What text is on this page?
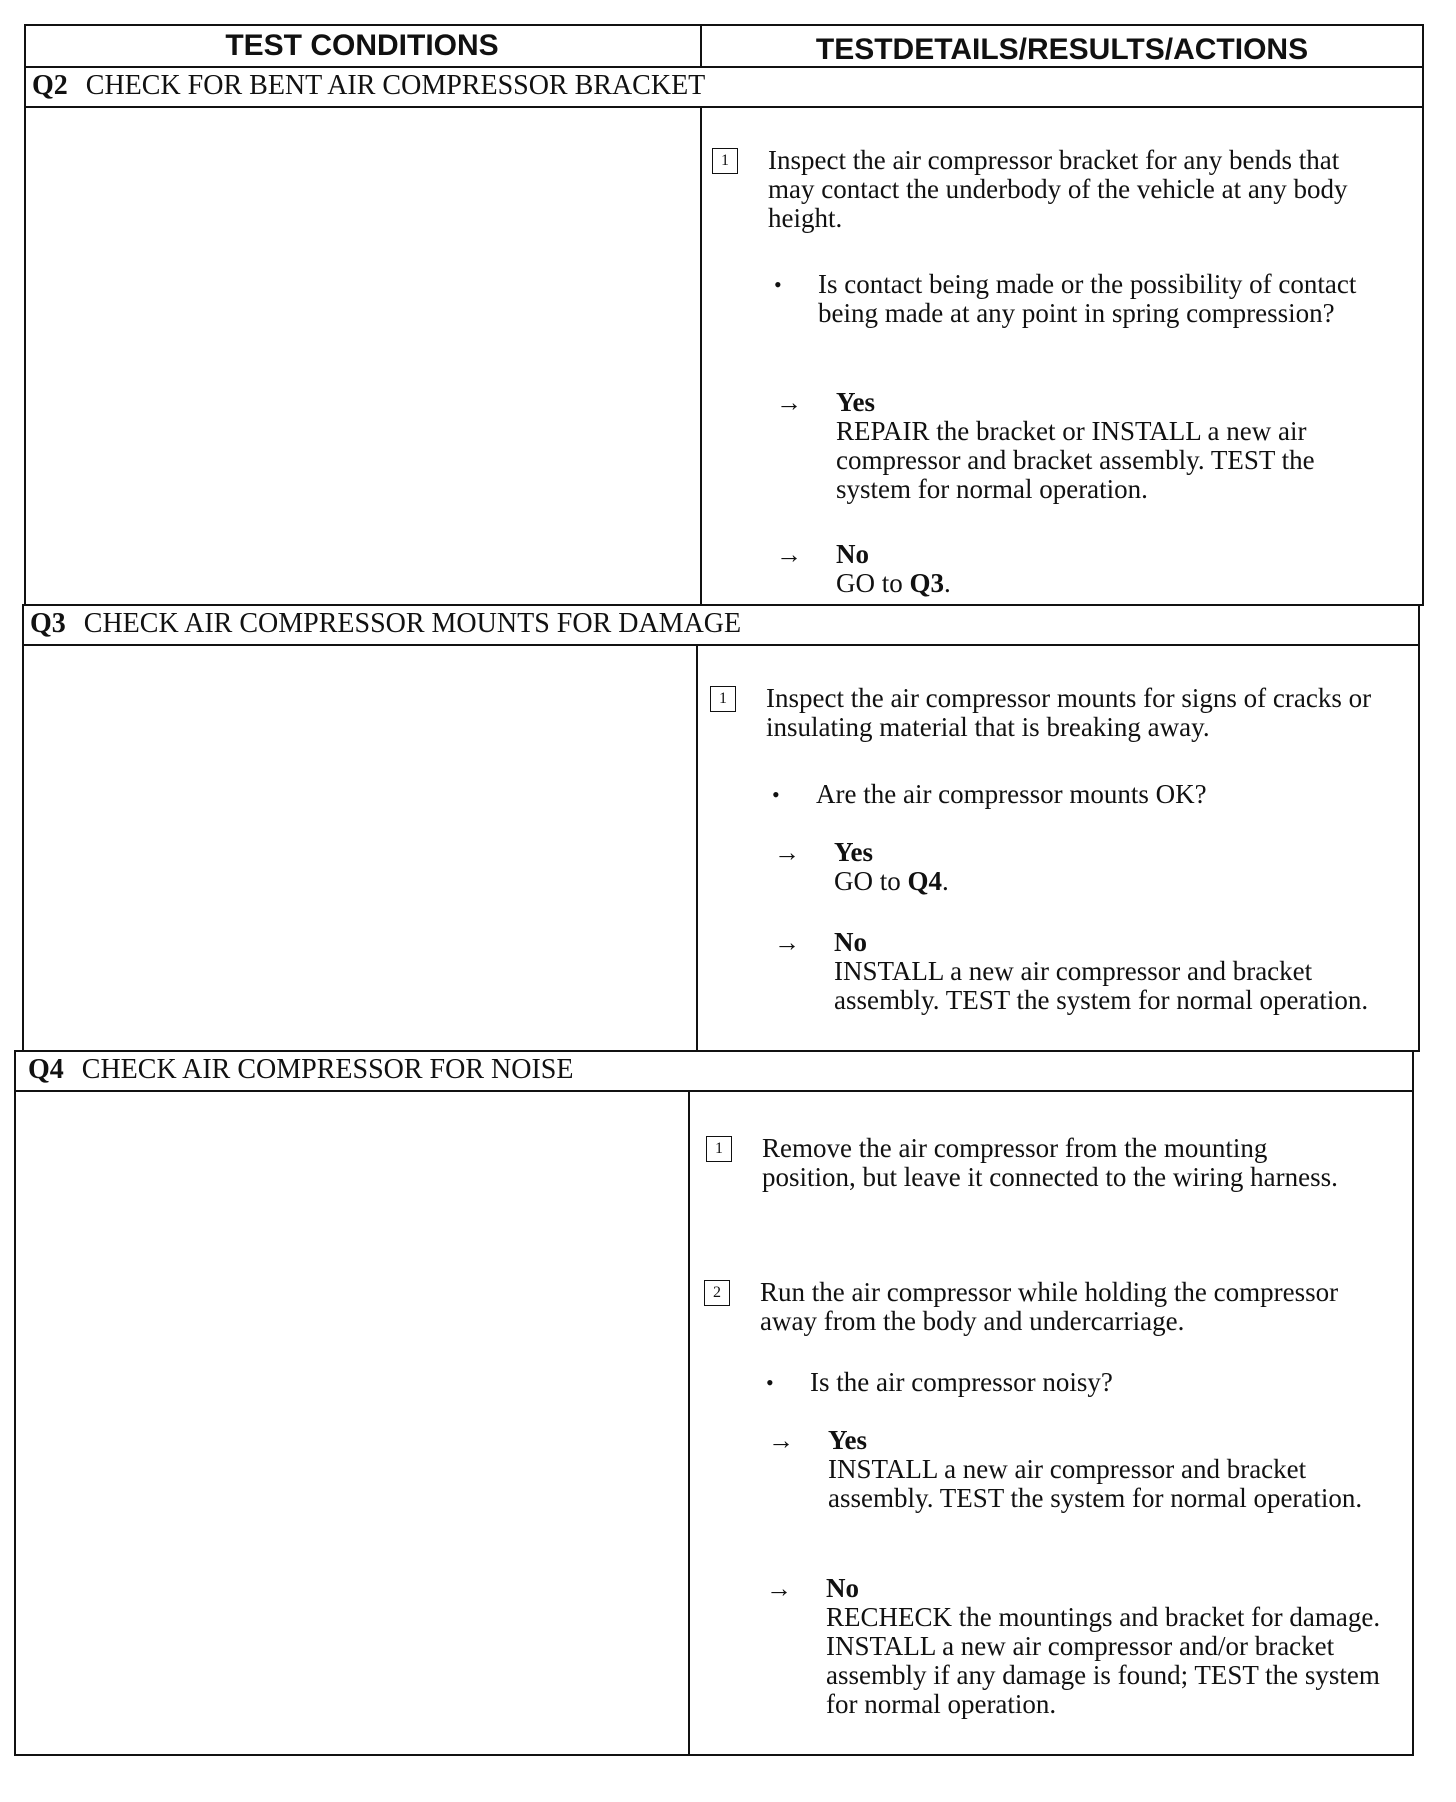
TEST CONDITIONS	TESTDETAILS/RESULTS/ACTIONS
Q2 CHECK FOR BENT AIR COMPRESSOR BRACKET
1	Inspect the air compressor bracket for any bends that may contact the underbody of the vehicle at any body height.
• Is contact being made or the possibility of contact being made at any point in spring compression?
→ Yes
REPAIR the bracket or INSTALL a new air compressor and bracket assembly. TEST the system for normal operation.
→ No
GO to Q3.
Q3 CHECK AIR COMPRESSOR MOUNTS FOR DAMAGE
1	Inspect the air compressor mounts for signs of cracks or insulating material that is breaking away.
• Are the air compressor mounts OK?
→ Yes
GO to Q4.
→ No
INSTALL a new air compressor and bracket assembly. TEST the system for normal operation.
Q4 CHECK AIR COMPRESSOR FOR NOISE
1	Remove the air compressor from the mounting position, but leave it connected to the wiring harness.
2	Run the air compressor while holding the compressor away from the body and undercarriage.
• Is the air compressor noisy?
→ Yes
INSTALL a new air compressor and bracket assembly. TEST the system for normal operation.
→ No
RECHECK the mountings and bracket for damage. INSTALL a new air compressor and/or bracket assembly if any damage is found; TEST the system for normal operation.
